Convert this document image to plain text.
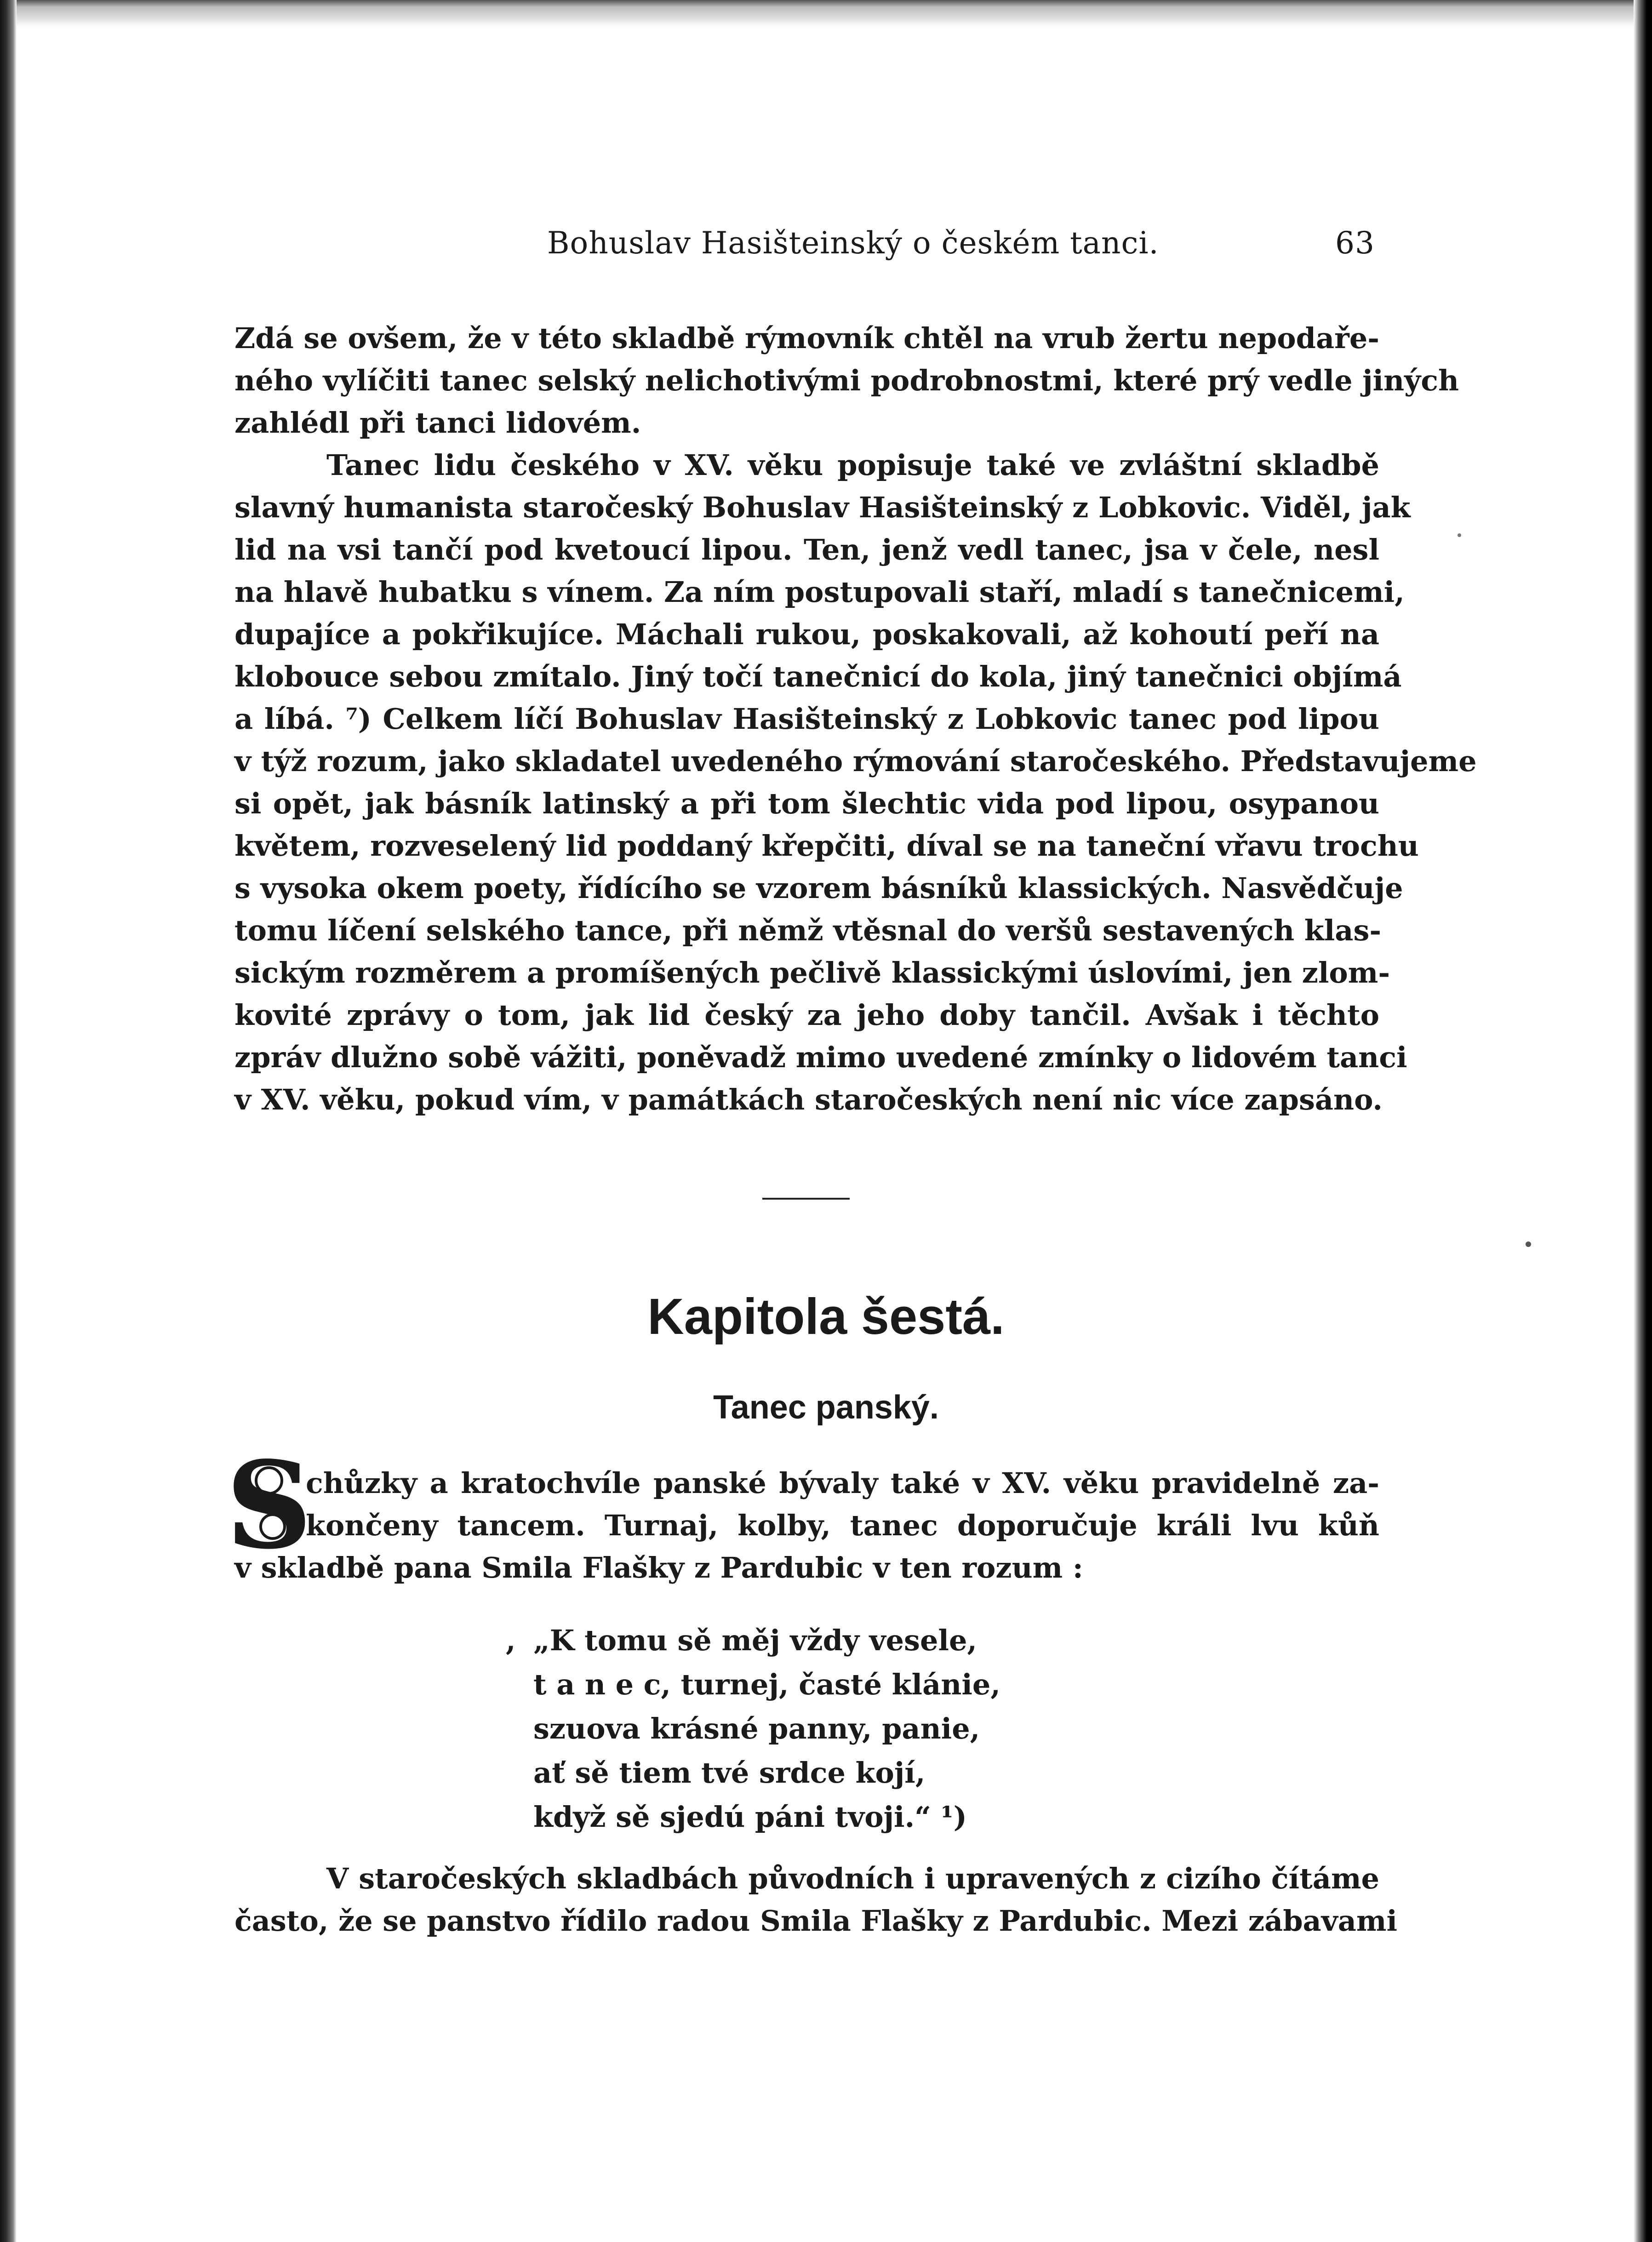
Bohuslav Hasišteinský o českém tanci.	63
Zdá se ovšem, že v této skladbě rýmovník chtěl na vrub žertu nepodaře-
ného vylíčiti tanec selský nelichotivými podrobnostmi, které prý vedle jiných
zahlédl při tanci lidovém.
Tanec lidu českého v XV. věku popisuje také ve zvláštní skladbě
slavný humanista staročeský Bohuslav Hasišteinský z Lobkovic. Viděl, jak
lid na vsi tančí pod kvetoucí lipou. Ten, jenž vedl tanec, jsa v čele, nesl
na hlavě hubatku s vínem. Za ním postupovali staří, mladí s tanečnicemi,
dupajíce a pokřikujíce. Máchali rukou, poskakovali, až kohoutí peří na
klobouce sebou zmítalo. Jiný točí tanečnicí do kola, jiný tanečnici objímá
a líbá. ⁷) Celkem líčí Bohuslav Hasišteinský z Lobkovic tanec pod lipou
v týž rozum, jako skladatel uvedeného rýmování staročeského. Představujeme
si opět, jak básník latinský a při tom šlechtic vida pod lipou, osypanou
květem, rozveselený lid poddaný křepčiti, díval se na taneční vřavu trochu
s vysoka okem poety, řídícího se vzorem básníků klassických. Nasvědčuje
tomu líčení selského tance, při němž vtěsnal do veršů sestavených klas-
sickým rozměrem a promíšených pečlivě klassickými úslovími, jen zlom-
kovité zprávy o tom, jak lid český za jeho doby tančil. Avšak i těchto
zpráv dlužno sobě vážiti, poněvadž mimo uvedené zmínky o lidovém tanci
v XV. věku, pokud vím, v památkách staročeských není nic více zapsáno.
Kapitola šestá.
Tanec panský.
S
chůzky a kratochvíle panské bývaly také v XV. věku pravidelně za-
končeny tancem. Turnaj, kolby, tanec doporučuje králi lvu kůň
v skladbě pana Smila Flašky z Pardubic v ten rozum :
, „K tomu sě měj vždy vesele,
t a n e c, turnej, časté klánie,
szuova krásné panny, panie,
ať sě tiem tvé srdce kojí,
když sě sjedú páni tvoji.“ ¹)
V staročeských skladbách původních i upravených z cizího čítáme
často, že se panstvo řídilo radou Smila Flašky z Pardubic. Mezi zábavami
